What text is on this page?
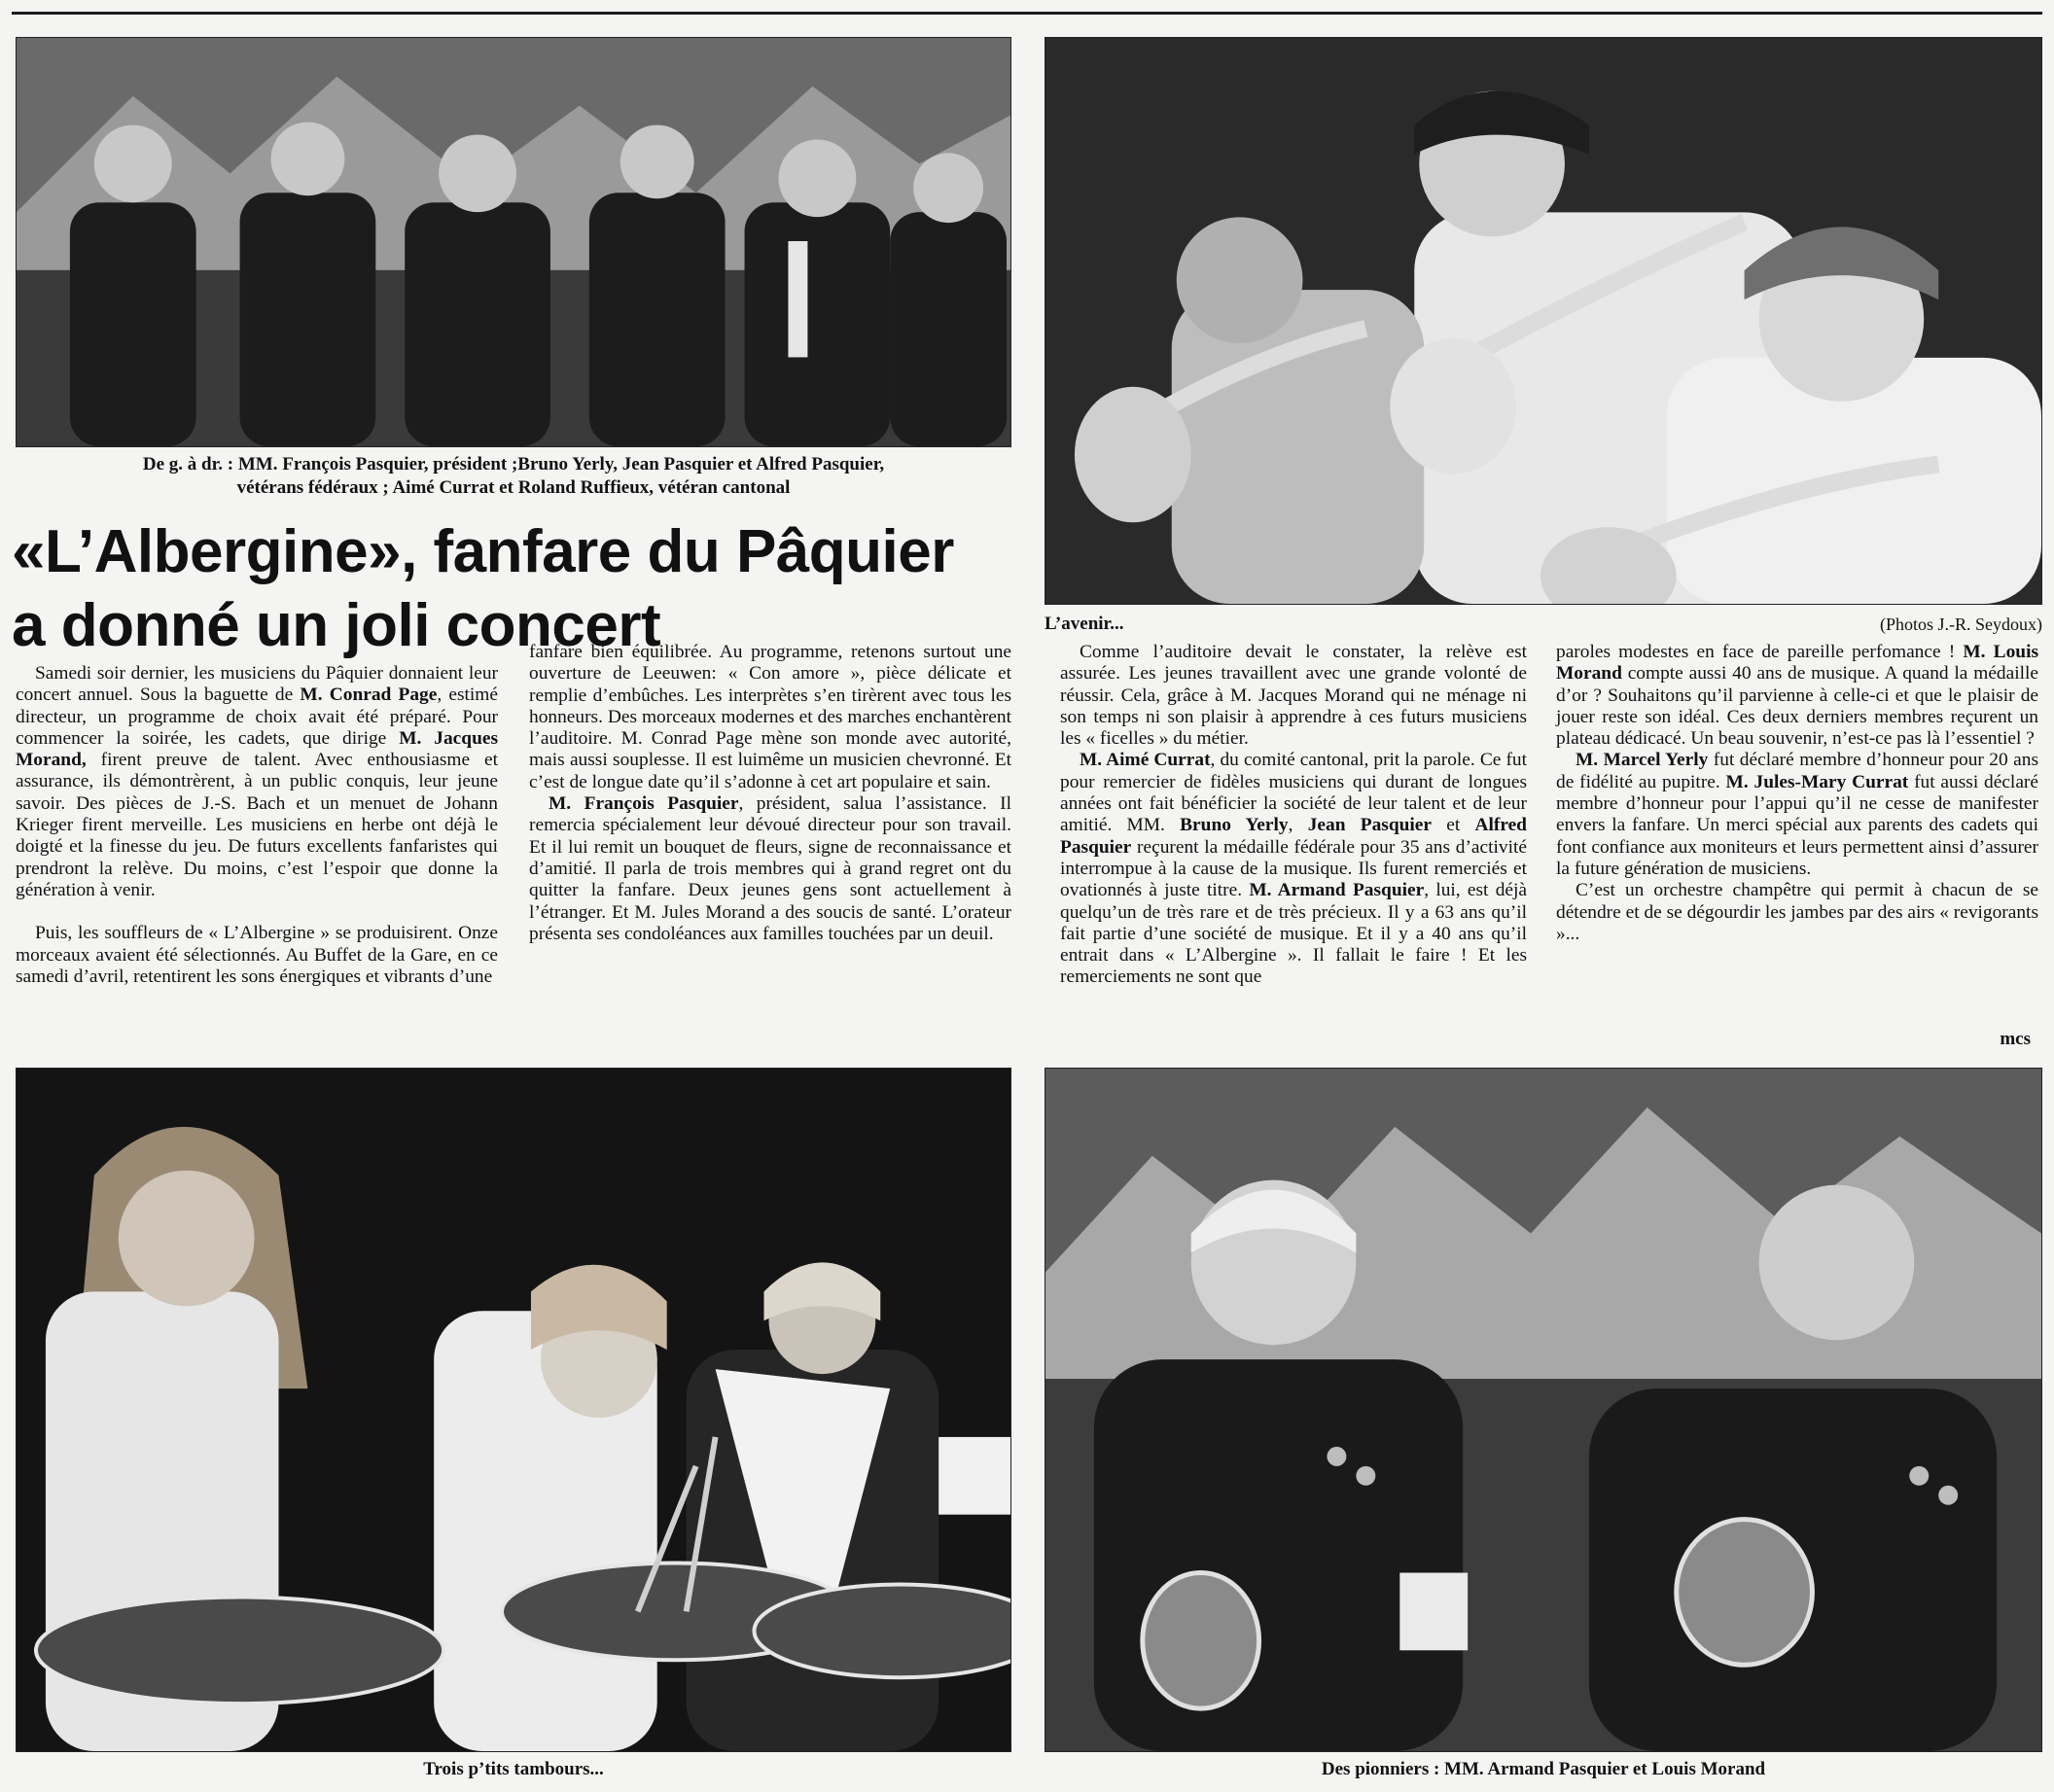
De g. à dr. : MM. François Pasquier, président ;Bruno Yerly, Jean Pasquier et Alfred Pasquier,
vétérans fédéraux ; Aimé Currat et Roland Ruffieux, vétéran cantonal
L’avenir...	(Photos J.-R. Seydoux)
«L’Albergine», fanfare du Pâquier
a donné un joli concert

Samedi soir dernier, les musiciens du Pâquier donnaient leur concert annuel. Sous la baguette de M. Conrad Page, estimé directeur, un programme de choix avait été préparé. Pour commencer la soirée, les cadets, que dirige M. Jacques Morand, firent preuve de talent. Avec enthousiasme et assurance, ils démontrèrent, à un public conquis, leur jeune savoir. Des pièces de J.-S. Bach et un menuet de Johann Krieger firent merveille. Les musiciens en herbe ont déjà le doigté et la finesse du jeu. De futurs excellents fanfaristes qui prendront la relève. Du moins, c’est l’espoir que donne la génération à venir.

Puis, les souffleurs de « L’Albergine » se produisirent. Onze morceaux avaient été sélectionnés. Au Buffet de la Gare, en ce samedi d’avril, retentirent les sons énergiques et vibrants d’une

fanfare bien équilibrée. Au programme, retenons surtout une ouverture de Leeuwen: « Con amore », pièce délicate et remplie d’embûches. Les interprètes s’en tirèrent avec tous les honneurs. Des morceaux modernes et des marches enchantèrent l’auditoire. M. Conrad Page mène son monde avec autorité, mais aussi souplesse. Il est luimême un musicien chevronné. Et c’est de longue date qu’il s’adonne à cet art populaire et sain.

M. François Pasquier, président, salua l’assistance. Il remercia spécialement leur dévoué directeur pour son travail. Et il lui remit un bouquet de fleurs, signe de reconnaissance et d’amitié. Il parla de trois membres qui à grand regret ont du quitter la fanfare. Deux jeunes gens sont actuellement à l’étranger. Et M. Jules Morand a des soucis de santé. L’orateur présenta ses condoléances aux familles touchées par un deuil.

Comme l’auditoire devait le constater, la relève est assurée. Les jeunes travaillent avec une grande volonté de réussir. Cela, grâce à M. Jacques Morand qui ne ménage ni son temps ni son plaisir à apprendre à ces futurs musiciens les « ficelles » du métier.

M. Aimé Currat, du comité cantonal, prit la parole. Ce fut pour remercier de fidèles musiciens qui durant de longues années ont fait bénéficier la société de leur talent et de leur amitié. MM. Bruno Yerly, Jean Pasquier et Alfred Pasquier reçurent la médaille fédérale pour 35 ans d’activité interrompue à la cause de la musique. Ils furent remerciés et ovationnés à juste titre. M. Armand Pasquier, lui, est déjà quelqu’un de très rare et de très précieux. Il y a 63 ans qu’il fait partie d’une société de musique. Et il y a 40 ans qu’il entrait dans « L’Albergine ». Il fallait le faire ! Et les remerciements ne sont que

paroles modestes en face de pareille perfomance ! M. Louis Morand compte aussi 40 ans de musique. A quand la médaille d’or ? Souhaitons qu’il parvienne à celle-ci et que le plaisir de jouer reste son idéal. Ces deux derniers membres reçurent un plateau dédicacé. Un beau souvenir, n’est-ce pas là l’essentiel ?

M. Marcel Yerly fut déclaré membre d’honneur pour 20 ans de fidélité au pupitre. M. Jules-Mary Currat fut aussi déclaré membre d’honneur pour l’appui qu’il ne cesse de manifester envers la fanfare. Un merci spécial aux parents des cadets qui font confiance aux moniteurs et leurs permettent ainsi d’assurer la future génération de musiciens.

C’est un orchestre champêtre qui permit à chacun de se détendre et de se dégourdir les jambes par des airs « revigorants »...

mcs
Trois p’tits tambours...	Des pionniers : MM. Armand Pasquier et Louis Morand
